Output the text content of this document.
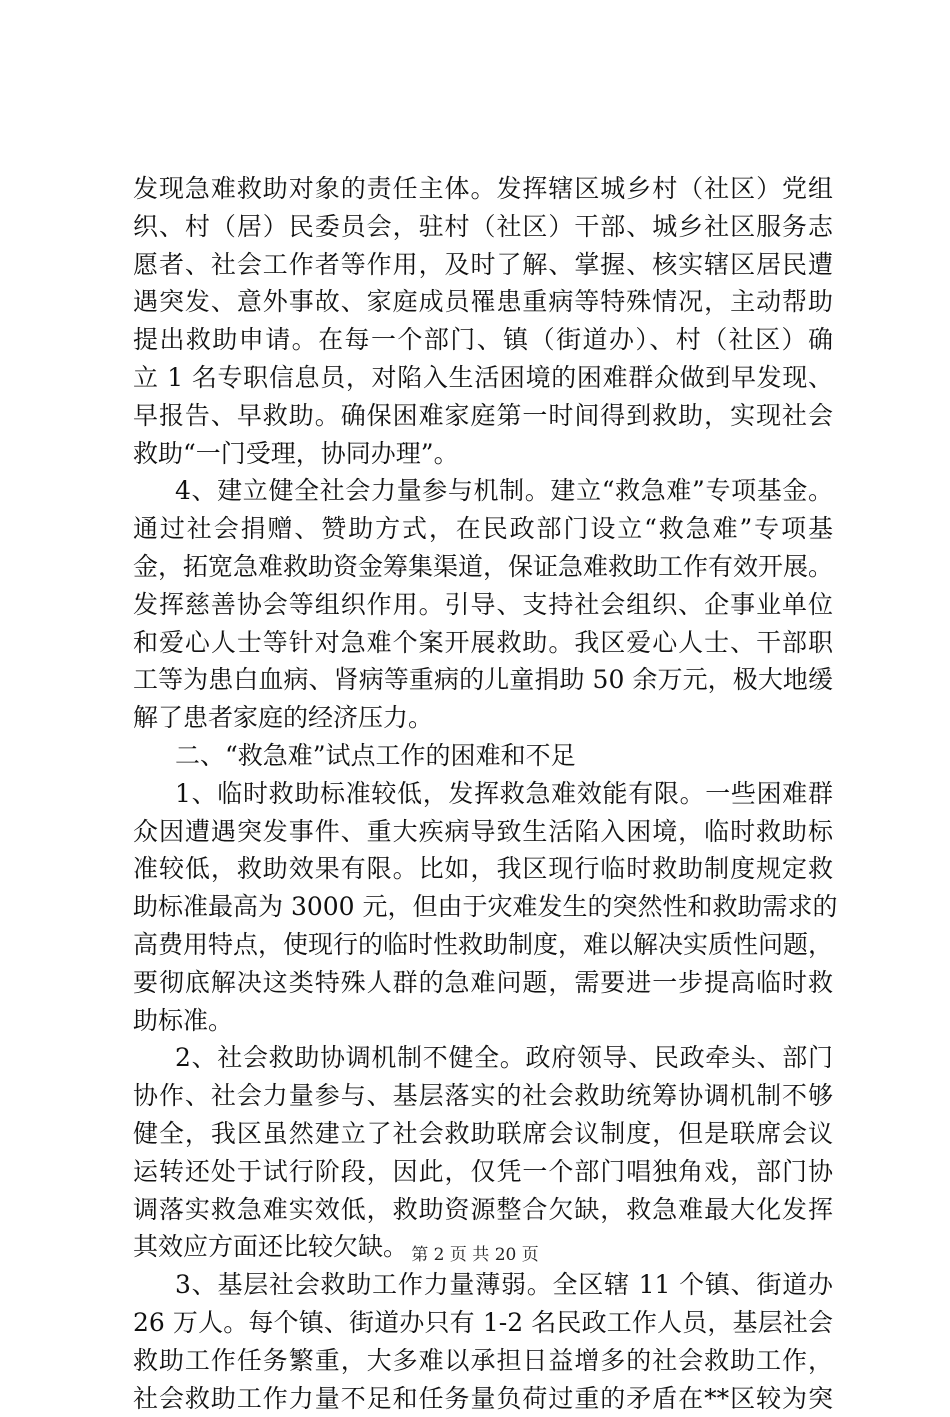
发现急难救助对象的责任主体。发挥辖区城乡村（社区）党组
织、村（居）民委员会，驻村（社区）干部、城乡社区服务志
愿者、社会工作者等作用，及时了解、掌握、核实辖区居民遭
遇突发、意外事故、家庭成员罹患重病等特殊情况，主动帮助
提出救助申请。在每一个部门、镇（街道办）、村（社区）确
立 1 名专职信息员，对陷入生活困境的困难群众做到早发现、
早报告、早救助。确保困难家庭第一时间得到救助，实现社会
救助“一门受理，协同办理”。
4、建立健全社会力量参与机制。建立“救急难”专项基金。
通过社会捐赠、赞助方式，在民政部门设立“救急难”专项基
金，拓宽急难救助资金筹集渠道，保证急难救助工作有效开展。
发挥慈善协会等组织作用。引导、支持社会组织、企事业单位
和爱心人士等针对急难个案开展救助。我区爱心人士、干部职
工等为患白血病、肾病等重病的儿童捐助 50 余万元，极大地缓
解了患者家庭的经济压力。
二、“救急难”试点工作的困难和不足
1、临时救助标准较低，发挥救急难效能有限。一些困难群
众因遭遇突发事件、重大疾病导致生活陷入困境，临时救助标
准较低，救助效果有限。比如，我区现行临时救助制度规定救
助标准最高为 3000 元，但由于灾难发生的突然性和救助需求的
高费用特点，使现行的临时性救助制度，难以解决实质性问题，
要彻底解决这类特殊人群的急难问题，需要进一步提高临时救
助标准。
2、社会救助协调机制不健全。政府领导、民政牵头、部门
协作、社会力量参与、基层落实的社会救助统筹协调机制不够
健全，我区虽然建立了社会救助联席会议制度，但是联席会议
运转还处于试行阶段，因此，仅凭一个部门唱独角戏，部门协
调落实救急难实效低，救助资源整合欠缺，救急难最大化发挥
其效应方面还比较欠缺。
3、基层社会救助工作力量薄弱。全区辖 11 个镇、街道办
26 万人。每个镇、街道办只有 1-2 名民政工作人员，基层社会
救助工作任务繁重，大多难以承担日益增多的社会救助工作，
社会救助工作力量不足和任务量负荷过重的矛盾在**区较为突
第 2 页 共 20 页
